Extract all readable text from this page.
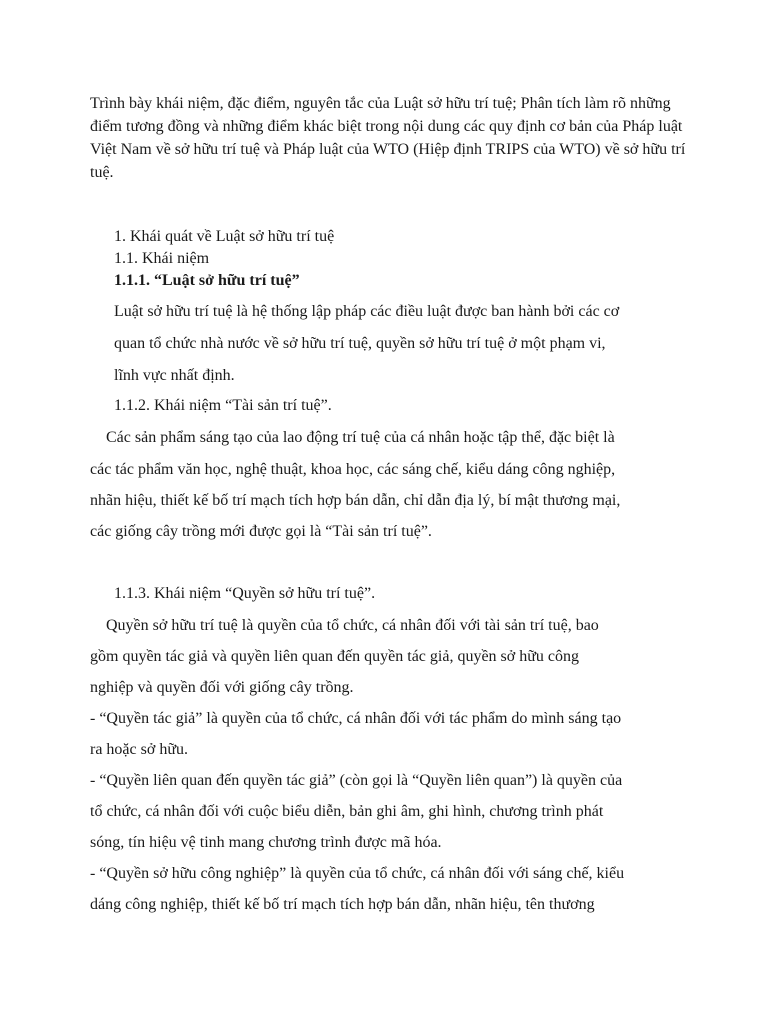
Trình bày khái niệm, đặc điểm, nguyên tắc của Luật sở hữu trí tuệ; Phân tích làm rõ những điểm tương đồng và những điểm khác biệt trong nội dung các quy định cơ bản của Pháp luật Việt Nam về sở hữu trí tuệ và Pháp luật của WTO (Hiệp định TRIPS của WTO) về sở hữu trí tuệ.

1. Khái quát về Luật sở hữu trí tuệ

1.1. Khái niệm

1.1.1. “Luật sở hữu trí tuệ”

Luật sở hữu trí tuệ là hệ thống lập pháp các điều luật được ban hành bởi các cơ

quan tổ chức nhà nước về sở hữu trí tuệ, quyền sở hữu trí tuệ ở một phạm vi,

lĩnh vực nhất định.

1.1.2. Khái niệm “Tài sản trí tuệ”.

Các sản phẩm sáng tạo của lao động trí tuệ của cá nhân hoặc tập thể, đặc biệt là

các tác phẩm văn học, nghệ thuật, khoa học, các sáng chế, kiểu dáng công nghiệp,

nhãn hiệu, thiết kế bố trí mạch tích hợp bán dẫn, chỉ dẫn địa lý, bí mật thương mại,

các giống cây trồng mới được gọi là “Tài sản trí tuệ”.

1.1.3. Khái niệm “Quyền sở hữu trí tuệ”.

Quyền sở hữu trí tuệ là quyền của tổ chức, cá nhân đối với tài sản trí tuệ, bao

gồm quyền tác giả và quyền liên quan đến quyền tác giả, quyền sở hữu công

nghiệp và quyền đối với giống cây trồng.

- “Quyền tác giả” là quyền của tổ chức, cá nhân đối với tác phẩm do mình sáng tạo

ra hoặc sở hữu.

- “Quyền liên quan đến quyền tác giả” (còn gọi là “Quyền liên quan”) là quyền của

tổ chức, cá nhân đối với cuộc biểu diễn, bản ghi âm, ghi hình, chương trình phát

sóng, tín hiệu vệ tinh mang chương trình được mã hóa.

- “Quyền sở hữu công nghiệp” là quyền của tổ chức, cá nhân đối với sáng chế, kiểu

dáng công nghiệp, thiết kế bố trí mạch tích hợp bán dẫn, nhãn hiệu, tên thương
